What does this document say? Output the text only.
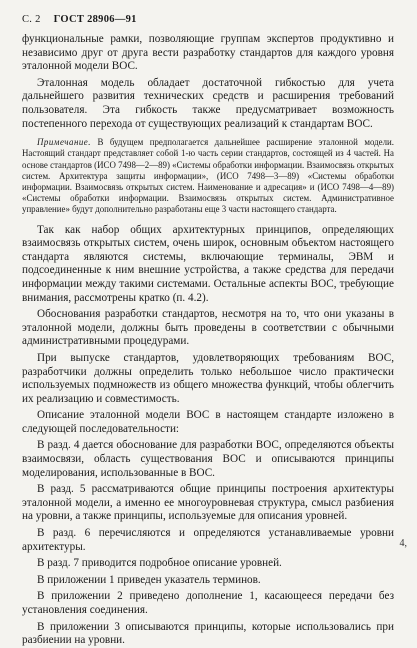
С. 2 ГОСТ 28906—91

функциональные рамки, позволяющие группам экспертов продуктивно и независимо друг от друга вести разработку стандартов для каждого уровня эталонной модели ВОС.

Эталонная модель обладает достаточной гибкостью для учета дальнейшего развития технических средств и расширения требований пользователя. Эта гибкость также предусматривает возможность постепенного перехода от существующих реализаций к стандартам ВОС.

Примечание. В будущем предполагается дальнейшее расширение эталонной модели. Настоящий стандарт представляет собой 1-ю часть серии стандартов, состоящей из 4 частей. На основе стандартов (ИСО 7498—2—89) «Системы обработки информации. Взаимосвязь открытых систем. Архитектура защиты информации», (ИСО 7498—3—89) «Системы обработки информации. Взаимосвязь открытых систем. Наименование и адресация» и (ИСО 7498—4—89) «Системы обработки информации. Взаимосвязь открытых систем. Административное управление» будут дополнительно разработаны еще 3 части настоящего стандарта.

Так как набор общих архитектурных принципов, определяющих взаимосвязь открытых систем, очень широк, основным объектом настоящего стандарта являются системы, включающие терминалы, ЭВМ и подсоединенные к ним внешние устройства, а также средства для передачи информации между такими системами. Остальные аспекты ВОС, требующие внимания, рассмотрены кратко (п. 4.2).

Обоснования разработки стандартов, несмотря на то, что они указаны в эталонной модели, должны быть проведены в соответствии с обычными административными процедурами.

При выпуске стандартов, удовлетворяющих требованиям ВОС, разработчики должны определить только небольшое число практически используемых подмножеств из общего множества функций, чтобы облегчить их реализацию и совместимость.

Описание эталонной модели ВОС в настоящем стандарте изложено в следующей последовательности:

В разд. 4 дается обоснование для разработки ВОС, определяются объекты взаимосвязи, область существования ВОС и описываются принципы моделирования, использованные в ВОС.

В разд. 5 рассматриваются общие принципы построения архитектуры эталонной модели, а именно ее многоуровневая структура, смысл разбиения на уровни, а также принципы, используемые для описания уровней.

В разд. 6 перечисляются и определяются устанавливаемые уровни архитектуры.

В разд. 7 приводится подробное описание уровней.

В приложении 1 приведен указатель терминов.

В приложении 2 приведено дополнение 1, касающееся передачи без установления соединения.

В приложении 3 описываются принципы, которые использовались при разбиении на уровни.

4,
